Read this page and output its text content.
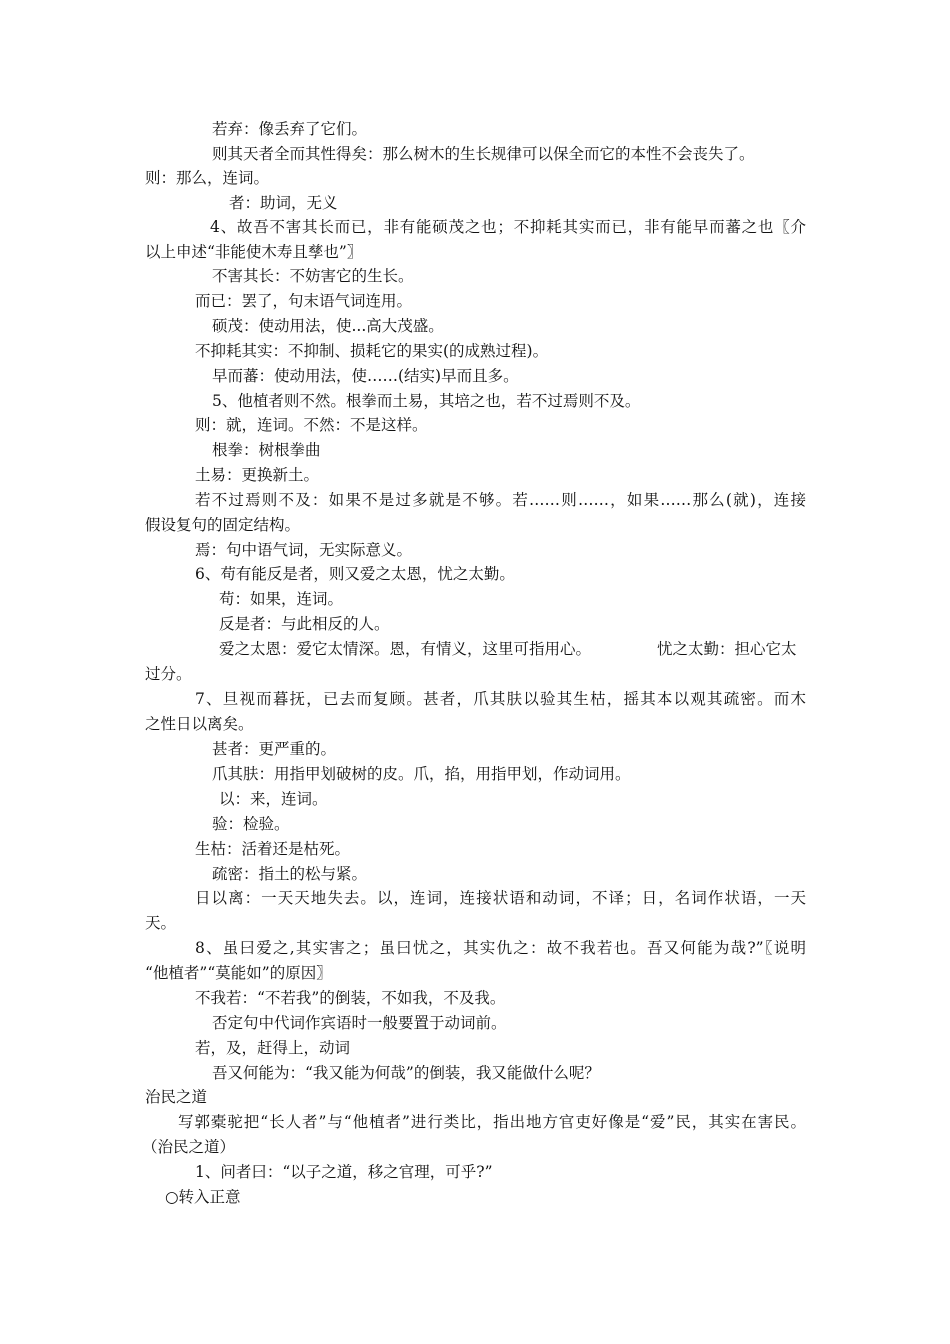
若弃：像丢弃了它们。
则其天者全而其性得矣：那么树木的生长规律可以保全而它的本性不会丧失了。
则：那么，连词。
者：助词，无义
4、故吾不害其长而已，非有能硕茂之也；不抑耗其实而已，非有能早而蕃之也〖介
以上申述“非能使木寿且孳也”〗
不害其长：不妨害它的生长。
而已：罢了，句末语气词连用。
硕茂：使动用法，使...高大茂盛。
不抑耗其实：不抑制、损耗它的果实(的成熟过程)。
早而蕃：使动用法，使……(结实)早而且多。
5、他植者则不然。根拳而土易，其培之也，若不过焉则不及。
则：就，连词。不然：不是这样。
根拳：树根拳曲
土易：更换新土。
若不过焉则不及：如果不是过多就是不够。若……则……，如果……那么(就)，连接
假设复句的固定结构。
焉：句中语气词，无实际意义。
6、苟有能反是者，则又爱之太恩，忧之太勤。
苟：如果，连词。
反是者：与此相反的人。
爱之太恩：爱它太情深。恩，有情义，这里可指用心。	忧之太勤：担心它太
过分。
7、旦视而暮抚，已去而复顾。甚者，爪其肤以验其生枯，摇其本以观其疏密。而木
之性日以离矣。
甚者：更严重的。
爪其肤：用指甲划破树的皮。爪，掐，用指甲划，作动词用。
以：来，连词。
验：检验。
生枯：活着还是枯死。
疏密：指土的松与紧。
日以离：一天天地失去。以，连词，连接状语和动词，不译；日，名词作状语，一天
天。
8、虽曰爱之,其实害之；虽曰忧之，其实仇之：故不我若也。吾又何能为哉?”〖说明
“他植者”“莫能如”的原因〗
不我若：“不若我”的倒装，不如我，不及我。
否定句中代词作宾语时一般要置于动词前。
若，及，赶得上，动词
吾又何能为：“我又能为何哉”的倒装，我又能做什么呢？
治民之道
写郭橐驼把“长人者”与“他植者”进行类比，指出地方官吏好像是“爱”民，其实在害民。
（治民之道）
1、问者曰：“以子之道，移之官理，可乎?”
○转入正意
